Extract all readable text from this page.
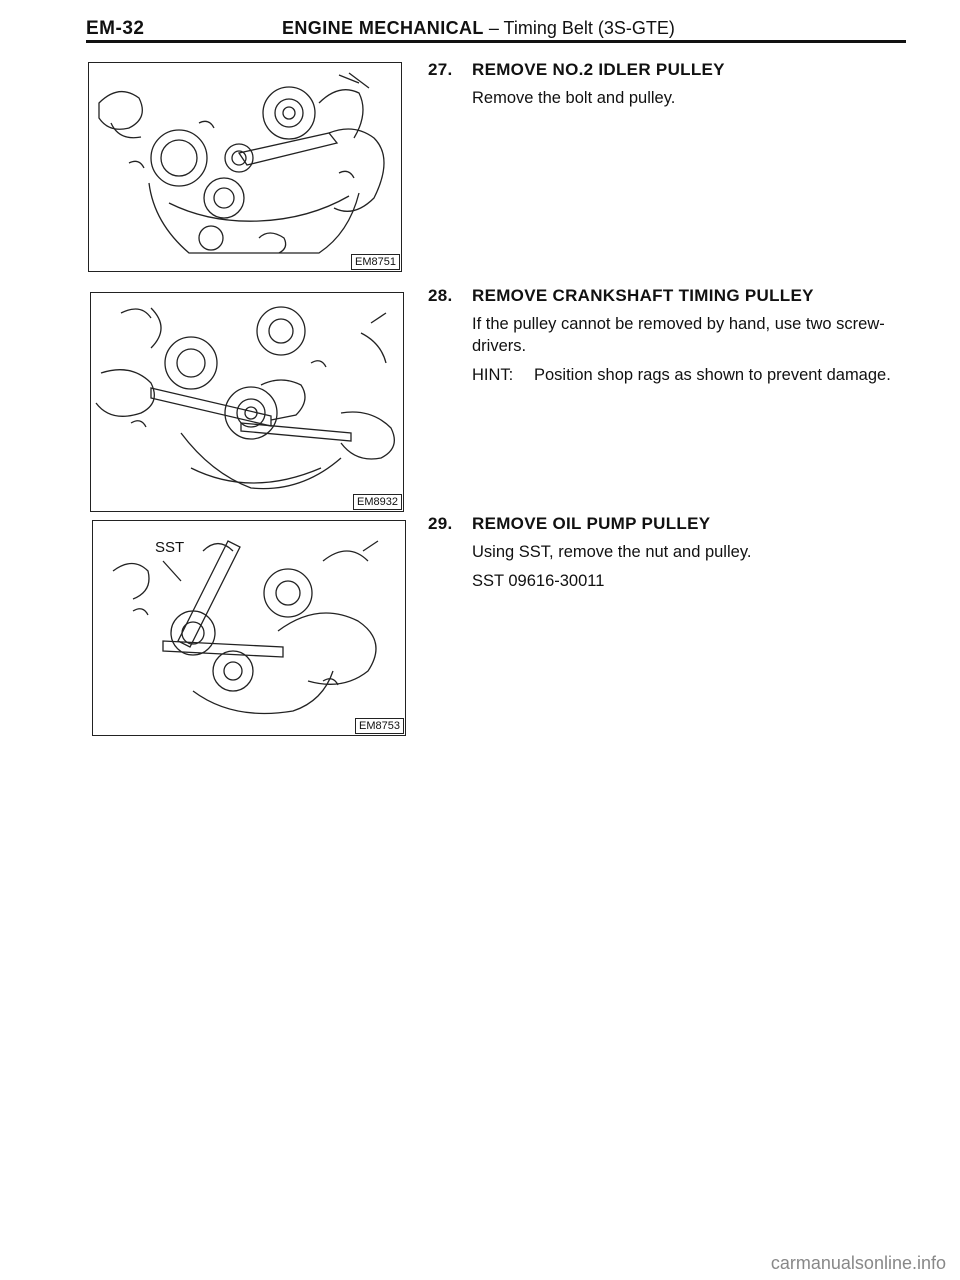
EM-32	ENGINE MECHANICAL – Timing Belt (3S-GTE)
EM8751
EM8932
SST
EM8753
27. REMOVE NO.2 IDLER PULLEY

Remove the bolt and pulley.

28. REMOVE CRANKSHAFT TIMING PULLEY

If the pulley cannot be removed by hand, use two screw-drivers.

HINT: Position shop rags as shown to prevent damage.

29. REMOVE OIL PUMP PULLEY

Using SST, remove the nut and pulley.

SST 09616-30011

carmanualsonline.info
